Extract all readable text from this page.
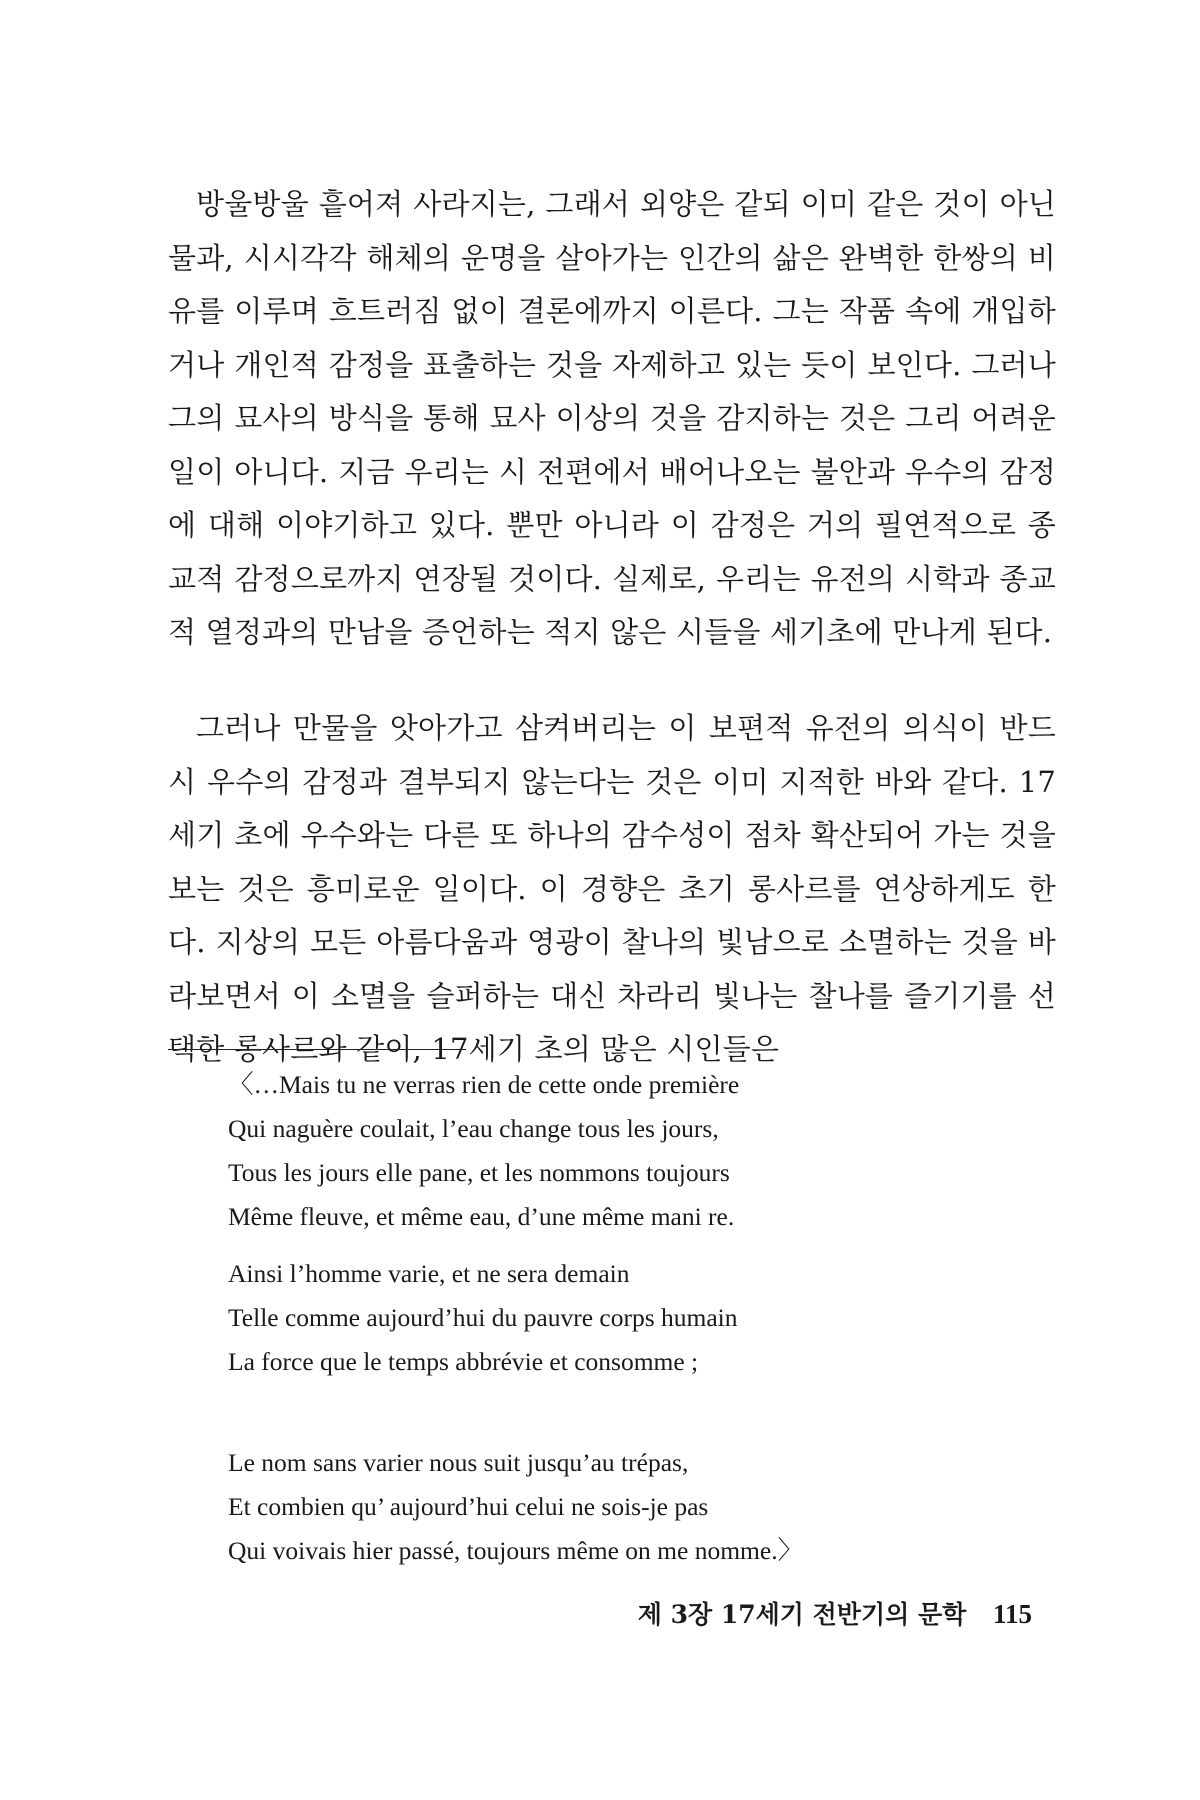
방울방울 흩어져 사라지는, 그래서 외양은 같되 이미 같은 것이 아닌 물과, 시시각각 해체의 운명을 살아가는 인간의 삶은 완벽한 한쌍의 비유를 이루며 흐트러짐 없이 결론에까지 이른다. 그는 작품 속에 개입하거나 개인적 감정을 표출하는 것을 자제하고 있는 듯이 보인다. 그러나 그의 묘사의 방식을 통해 묘사 이상의 것을 감지하는 것은 그리 어려운 일이 아니다. 지금 우리는 시 전편에서 배어나오는 불안과 우수의 감정에 대해 이야기하고 있다. 뿐만 아니라 이 감정은 거의 필연적으로 종교적 감정으로까지 연장될 것이다. 실제로, 우리는 유전의 시학과 종교적 열정과의 만남을 증언하는 적지 않은 시들을 세기초에 만나게 된다.

그러나 만물을 앗아가고 삼켜버리는 이 보편적 유전의 의식이 반드시 우수의 감정과 결부되지 않는다는 것은 이미 지적한 바와 같다. 17세기 초에 우수와는 다른 또 하나의 감수성이 점차 확산되어 가는 것을 보는 것은 흥미로운 일이다. 이 경향은 초기 롱사르를 연상하게도 한다. 지상의 모든 아름다움과 영광이 찰나의 빛남으로 소멸하는 것을 바라보면서 이 소멸을 슬퍼하는 대신 차라리 빛나는 찰나를 즐기기를 선택한 롱사르와 같이, 17세기 초의 많은 시인들은

〈…Mais tu ne verras rien de cette onde première
Qui naguère coulait, l’eau change tous les jours,
Tous les jours elle pane, et les nommons toujours
Même fleuve, et même eau, d’une même mani re.
Ainsi l’homme varie, et ne sera demain
Telle comme aujourd’hui du pauvre corps humain
La force que le temps abbrévie et consomme ;
Le nom sans varier nous suit jusqu’au trépas,
Et combien qu’ aujourd’hui celui ne sois-je pas
Qui voivais hier passé, toujours même on me nomme.〉
제 3장 17세기 전반기의 문학 115
